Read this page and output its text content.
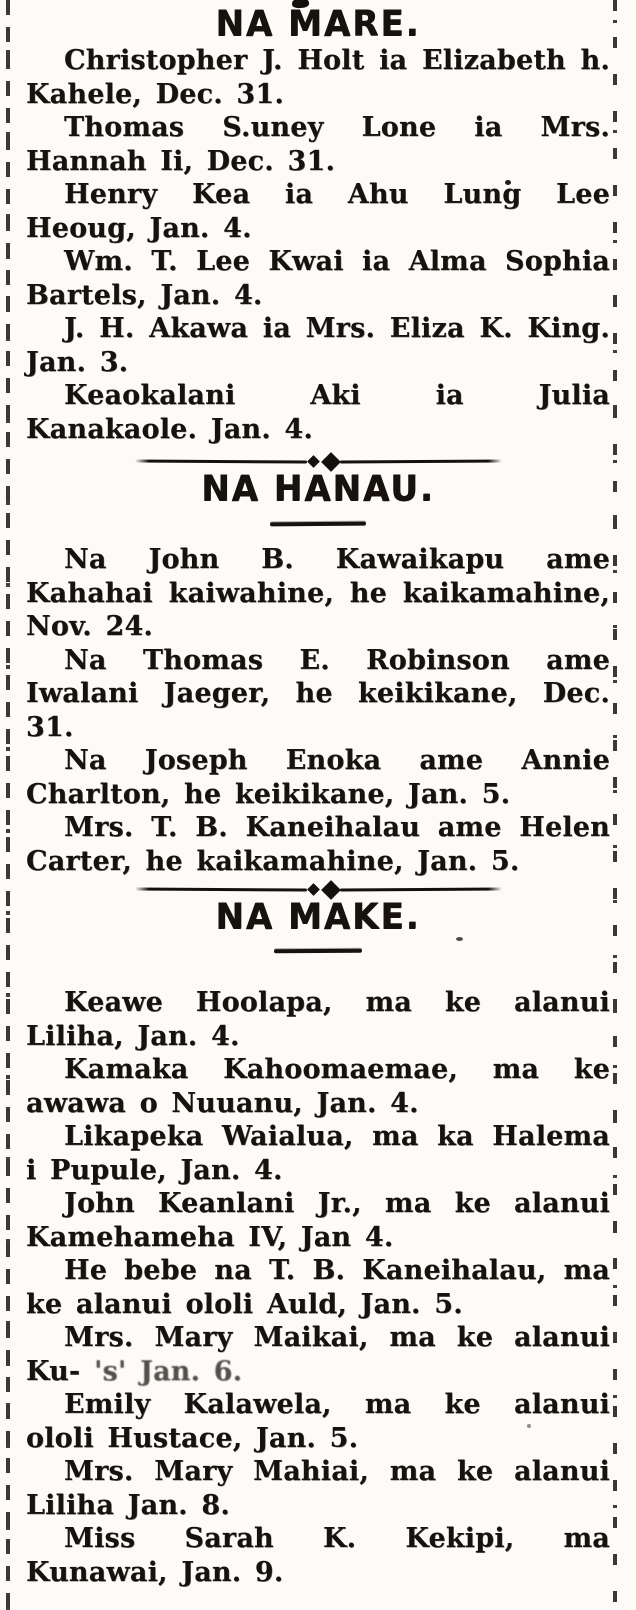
NA MARE.

Christopher J. Holt ia Elizabeth h. Kahele, Dec. 31.

Thomas S.uney Lone ia Mrs. Hannah Ii, Dec. 31.

Henry Kea ia Ahu Lung Lee Heoug, Jan. 4.

Wm. T. Lee Kwai ia Alma Sophia Bartels, Jan. 4.

J. H. Akawa ia Mrs. Eliza K. King. Jan. 3.

Keaokalani Aki ia Julia Kanakaole. Jan. 4.

NA HANAU.

Na John B. Kawaikapu ame Kahahai kaiwahine, he kaikamahine, Nov. 24.

Na Thomas E. Robinson ame Iwalani Jaeger, he keikikane, Dec. 31.

Na Joseph Enoka ame Annie Charlton, he keikikane, Jan. 5.

Mrs. T. B. Kaneihalau ame Helen Carter, he kaikamahine, Jan. 5.

NA MAKE.

Keawe Hoolapa, ma ke alanui Liliha, Jan. 4.

Kamaka Kahoomaemae, ma ke awawa o Nuuanu, Jan. 4.

Likapeka Waialua, ma ka Halema i Pupule, Jan. 4.

John Keanlani Jr., ma ke alanui Kamehameha IV, Jan 4.

He bebe na T. B. Kaneihalau, ma ke alanui ololi Auld, Jan. 5.

Mrs. Mary Maikai, ma ke alanui Ku- 's' Jan. 6.

Emily Kalawela, ma ke alanui ololi Hustace, Jan. 5.

Mrs. Mary Mahiai, ma ke alanui Liliha Jan. 8.

Miss Sarah K. Kekipi, ma Kunawai, Jan. 9.
